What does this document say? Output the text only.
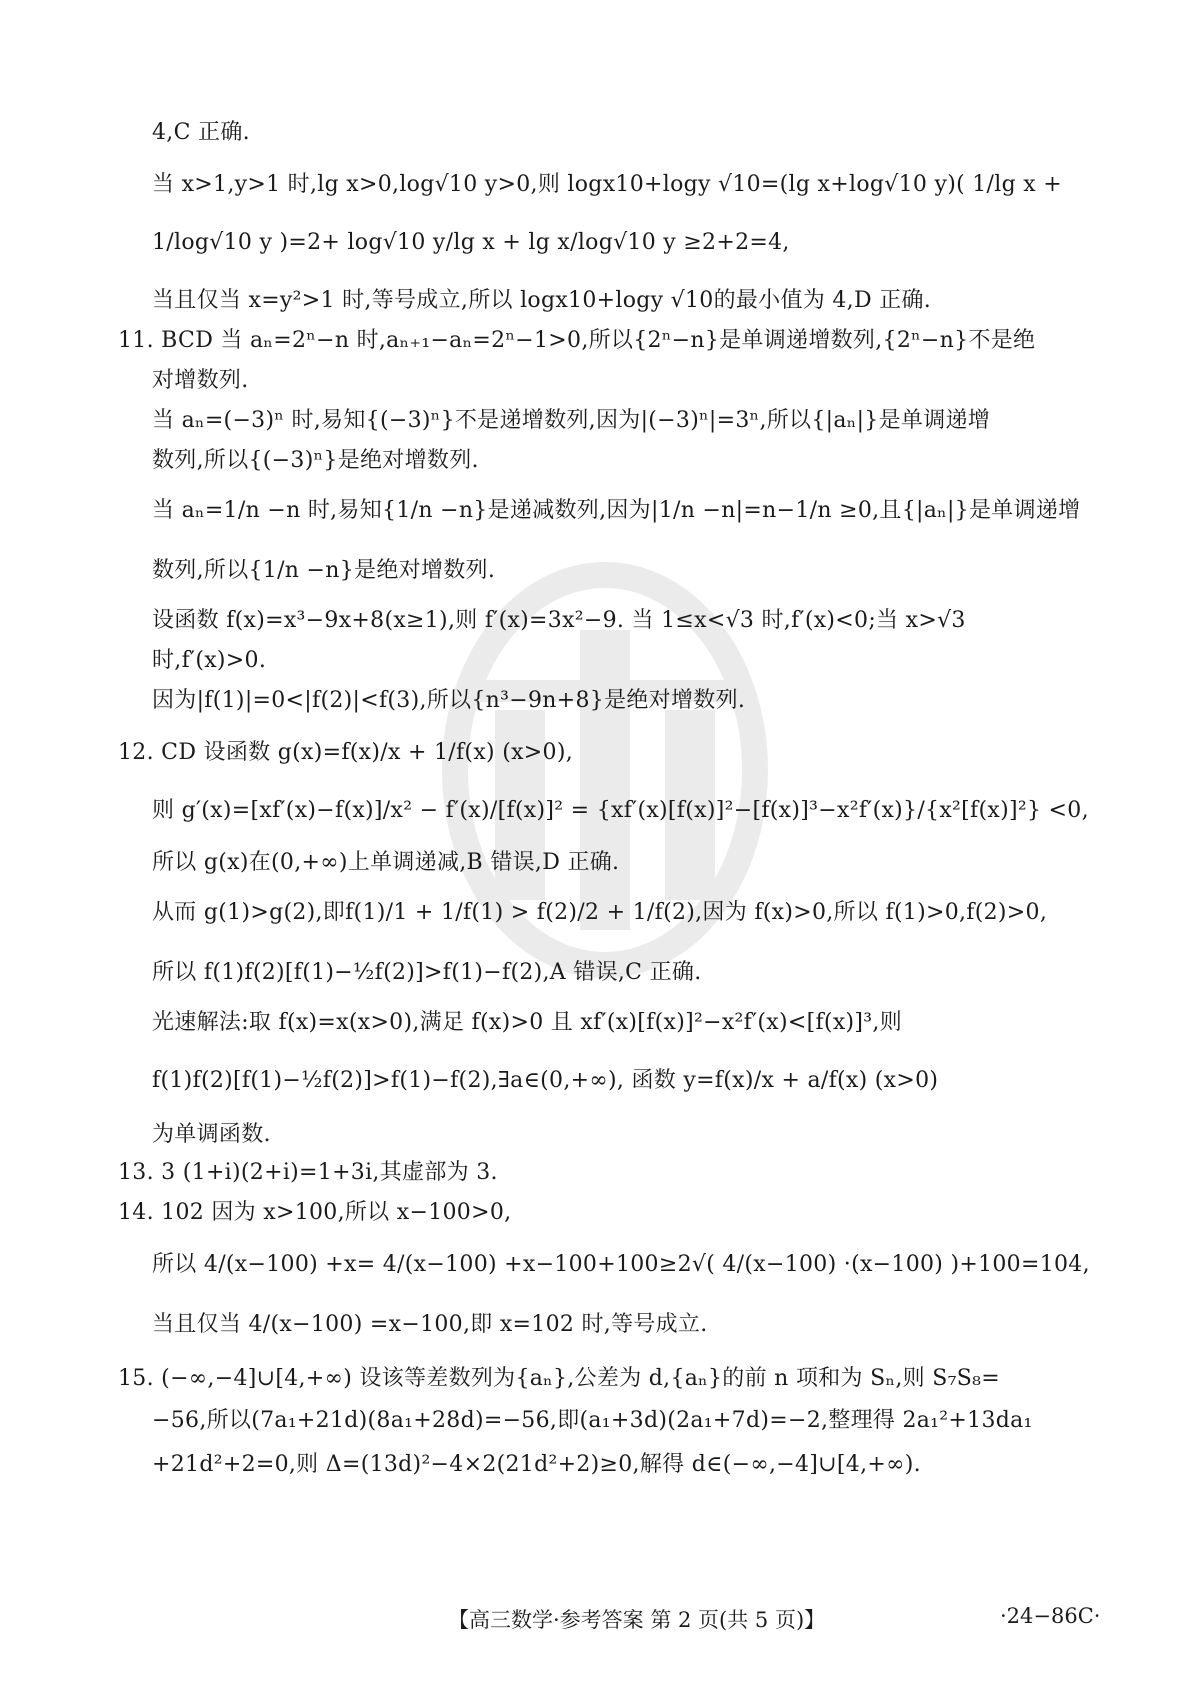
4,C 正确.
当 x>1,y>1 时,lg x>0,log√10 y>0,则 logx10+logy √10=(lg x+log√10 y)( 1/lg x +
1/log√10 y )=2+ log√10 y/lg x + lg x/log√10 y ≥2+2=4,
当且仅当 x=y²>1 时,等号成立,所以 logx10+logy √10的最小值为 4,D 正确.
11. BCD 当 aₙ=2ⁿ−n 时,aₙ₊₁−aₙ=2ⁿ−1>0,所以{2ⁿ−n}是单调递增数列,{2ⁿ−n}不是绝
对增数列.
当 aₙ=(−3)ⁿ 时,易知{(−3)ⁿ}不是递增数列,因为|(−3)ⁿ|=3ⁿ,所以{|aₙ|}是单调递增
数列,所以{(−3)ⁿ}是绝对增数列.
当 aₙ=1/n −n 时,易知{1/n −n}是递减数列,因为|1/n −n|=n−1/n ≥0,且{|aₙ|}是单调递增
数列,所以{1/n −n}是绝对增数列.
设函数 f(x)=x³−9x+8(x≥1),则 f′(x)=3x²−9. 当 1≤x<√3 时,f′(x)<0;当 x>√3
时,f′(x)>0.
因为|f(1)|=0<|f(2)|<f(3),所以{n³−9n+8}是绝对增数列.
12. CD 设函数 g(x)=f(x)/x + 1/f(x) (x>0),
则 g′(x)=[xf′(x)−f(x)]/x² − f′(x)/[f(x)]² = {xf′(x)[f(x)]²−[f(x)]³−x²f′(x)}/{x²[f(x)]²} <0,
所以 g(x)在(0,+∞)上单调递减,B 错误,D 正确.
从而 g(1)>g(2),即f(1)/1 + 1/f(1) > f(2)/2 + 1/f(2),因为 f(x)>0,所以 f(1)>0,f(2)>0,
所以 f(1)f(2)[f(1)−½f(2)]>f(1)−f(2),A 错误,C 正确.
光速解法:取 f(x)=x(x>0),满足 f(x)>0 且 xf′(x)[f(x)]²−x²f′(x)<[f(x)]³,则
f(1)f(2)[f(1)−½f(2)]>f(1)−f(2),∃a∈(0,+∞), 函数 y=f(x)/x + a/f(x) (x>0)
为单调函数.
13. 3 (1+i)(2+i)=1+3i,其虚部为 3.
14. 102 因为 x>100,所以 x−100>0,
所以 4/(x−100) +x= 4/(x−100) +x−100+100≥2√( 4/(x−100) ·(x−100) )+100=104,
当且仅当 4/(x−100) =x−100,即 x=102 时,等号成立.
15. (−∞,−4]∪[4,+∞) 设该等差数列为{aₙ},公差为 d,{aₙ}的前 n 项和为 Sₙ,则 S₇S₈=
−56,所以(7a₁+21d)(8a₁+28d)=−56,即(a₁+3d)(2a₁+7d)=−2,整理得 2a₁²+13da₁
+21d²+2=0,则 Δ=(13d)²−4×2(21d²+2)≥0,解得 d∈(−∞,−4]∪[4,+∞).
【高三数学·参考答案 第 2 页(共 5 页)】	·24−86C·
